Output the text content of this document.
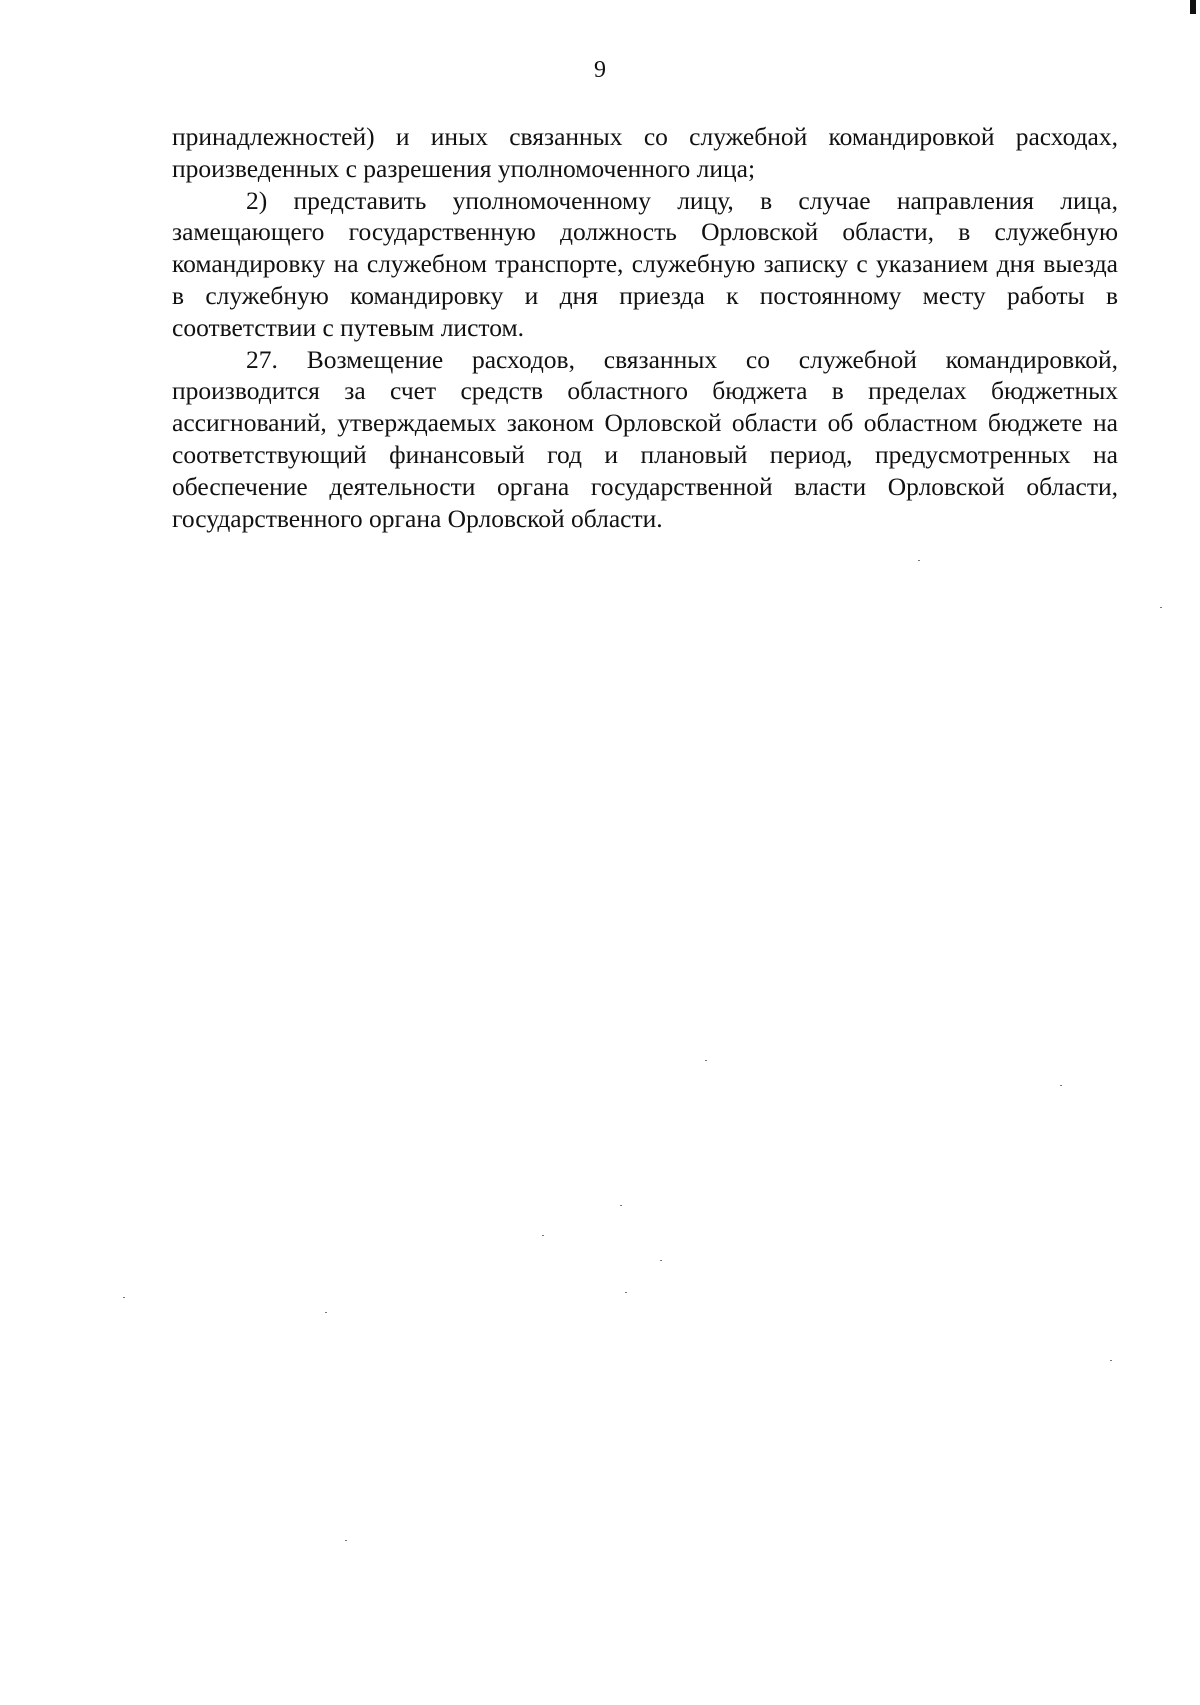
9

принадлежностей) и иных связанных со служебной командировкой расходах, произведенных с разрешения уполномоченного лица;

2) представить уполномоченному лицу, в случае направления лица, замещающего государственную должность Орловской области, в служебную командировку на служебном транспорте, служебную записку с указанием дня выезда в служебную командировку и дня приезда к постоянному месту работы в соответствии с путевым листом.

27. Возмещение расходов, связанных со служебной командировкой, производится за счет средств областного бюджета в пределах бюджетных ассигнований, утверждаемых законом Орловской области об областном бюджете на соответствующий финансовый год и плановый период, предусмотренных на обеспечение деятельности органа государственной власти Орловской области, государственного органа Орловской области.
